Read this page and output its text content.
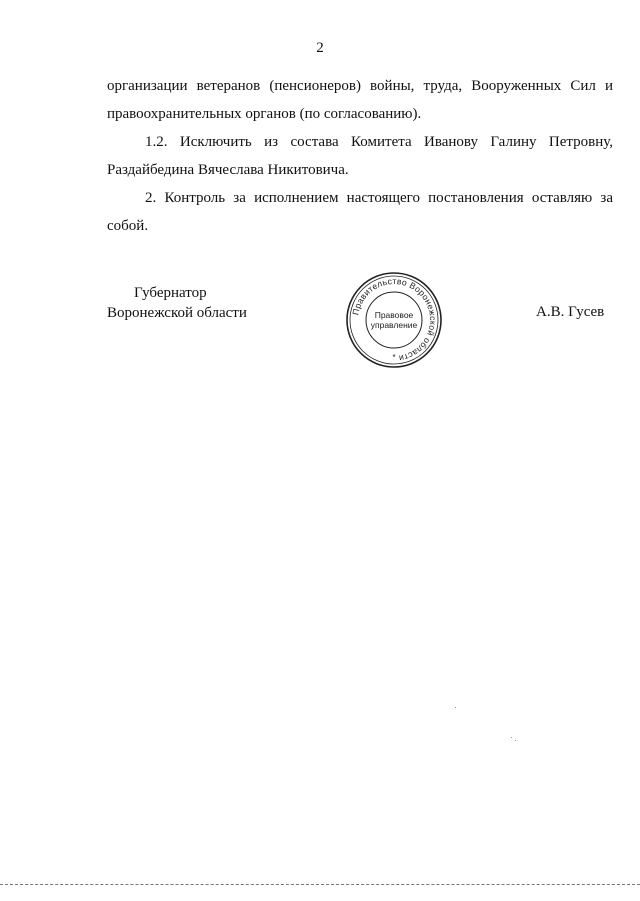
2

организации ветеранов (пенсионеров) войны, труда, Вооруженных Сил и правоохранительных органов (по согласованию).

1.2. Исключить из состава Комитета Иванову Галину Петровну, Раздайбедина Вячеслава Никитовича.

2. Контроль за исполнением настоящего постановления оставляю за собой.

Губернатор
Воронежской области	Правительство Воронежской области
Правовое
управление
*
А.В. Гусев
